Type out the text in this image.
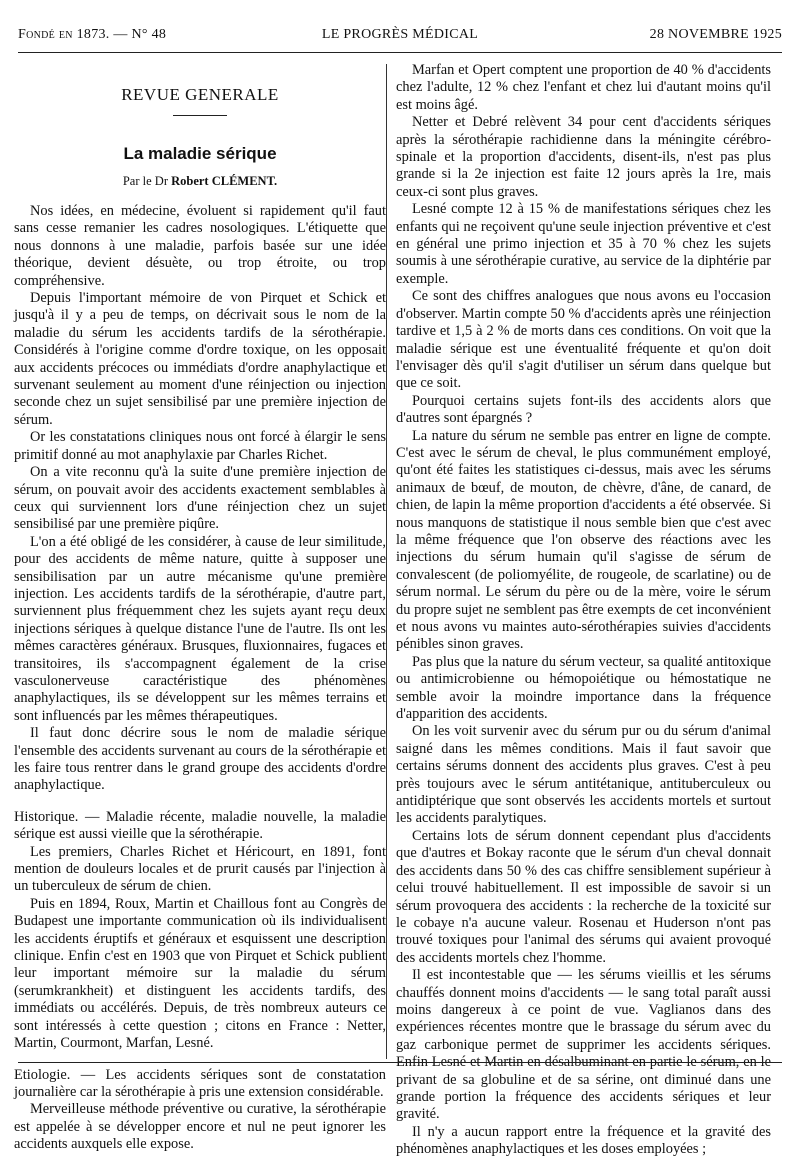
Fondé en 1873. — N° 48	LE PROGRÈS MÉDICAL	28 NOVEMBRE 1925
REVUE GENERALE
La maladie sérique
Par le Dr Robert CLÉMENT.

Nos idées, en médecine, évoluent si rapidement qu'il faut sans cesse remanier les cadres nosologiques. L'étiquette que nous donnons à une maladie, parfois basée sur une idée théorique, devient désuète, ou trop étroite, ou trop compréhensive.

Depuis l'important mémoire de von Pirquet et Schick et jusqu'à il y a peu de temps, on décrivait sous le nom de la maladie du sérum les accidents tardifs de la sérothérapie. Considérés à l'origine comme d'ordre toxique, on les opposait aux accidents précoces ou immédiats d'ordre anaphylactique et survenant seulement au moment d'une réinjection ou injection seconde chez un sujet sensibilisé par une première injection de sérum.

Or les constatations cliniques nous ont forcé à élargir le sens primitif donné au mot anaphylaxie par Charles Richet.

On a vite reconnu qu'à la suite d'une première injection de sérum, on pouvait avoir des accidents exactement semblables à ceux qui surviennent lors d'une réinjection chez un sujet sensibilisé par une première piqûre.

L'on a été obligé de les considérer, à cause de leur similitude, pour des accidents de même nature, quitte à supposer une sensibilisation par un autre mécanisme qu'une première injection. Les accidents tardifs de la sérothérapie, d'autre part, surviennent plus fréquemment chez les sujets ayant reçu deux injections sériques à quelque distance l'une de l'autre. Ils ont les mêmes caractères généraux. Brusques, fluxionnaires, fugaces et transitoires, ils s'accompagnent également de la crise vasculonerveuse caractéristique des phénomènes anaphylactiques, ils se développent sur les mêmes terrains et sont influencés par les mêmes thérapeutiques.

Il faut donc décrire sous le nom de maladie sérique l'ensemble des accidents survenant au cours de la sérothérapie et les faire tous rentrer dans le grand groupe des accidents d'ordre anaphylactique.

Historique. — Maladie récente, maladie nouvelle, la maladie sérique est aussi vieille que la sérothérapie.

Les premiers, Charles Richet et Héricourt, en 1891, font mention de douleurs locales et de prurit causés par l'injection à un tuberculeux de sérum de chien.

Puis en 1894, Roux, Martin et Chaillous font au Congrès de Budapest une importante communication où ils individualisent les accidents éruptifs et généraux et esquissent une description clinique. Enfin c'est en 1903 que von Pirquet et Schick publient leur important mémoire sur la maladie du sérum (serumkrankheit) et distinguent les accidents tardifs, des immédiats ou accélérés. Depuis, de très nombreux auteurs ce sont intéressés à cette question ; citons en France : Netter, Martin, Courmont, Marfan, Lesné.

Etiologie. — Les accidents sériques sont de constatation journalière car la sérothérapie à pris une extension considérable.

Merveilleuse méthode préventive ou curative, la sérothérapie est appelée à se développer encore et nul ne peut ignorer les accidents auxquels elle expose.

Marfan et Opert comptent une proportion de 40 % d'accidents chez l'adulte, 12 % chez l'enfant et chez lui d'autant moins qu'il est moins âgé.

Netter et Debré relèvent 34 pour cent d'accidents sériques après la sérothérapie rachidienne dans la méningite cérébro-spinale et la proportion d'accidents, disent-ils, n'est pas plus grande si la 2e injection est faite 12 jours après la 1re, mais ceux-ci sont plus graves.

Lesné compte 12 à 15 % de manifestations sériques chez les enfants qui ne reçoivent qu'une seule injection préventive et c'est en général une primo injection et 35 à 70 % chez les sujets soumis à une sérothérapie curative, au service de la diphtérie par exemple.

Ce sont des chiffres analogues que nous avons eu l'occasion d'observer. Martin compte 50 % d'accidents après une réinjection tardive et 1,5 à 2 % de morts dans ces conditions. On voit que la maladie sérique est une éventualité fréquente et qu'on doit l'envisager dès qu'il s'agit d'utiliser un sérum dans quelque but que ce soit.

Pourquoi certains sujets font-ils des accidents alors que d'autres sont épargnés ?

La nature du sérum ne semble pas entrer en ligne de compte. C'est avec le sérum de cheval, le plus communément employé, qu'ont été faites les statistiques ci-dessus, mais avec les sérums animaux de bœuf, de mouton, de chèvre, d'âne, de canard, de chien, de lapin la même proportion d'accidents a été observée. Si nous manquons de statistique il nous semble bien que c'est avec la même fréquence que l'on observe des réactions avec les injections du sérum humain qu'il s'agisse de sérum de convalescent (de poliomyélite, de rougeole, de scarlatine) ou de sérum normal. Le sérum du père ou de la mère, voire le sérum du propre sujet ne semblent pas être exempts de cet inconvénient et nous avons vu maintes auto-sérothérapies suivies d'accidents pénibles sinon graves.

Pas plus que la nature du sérum vecteur, sa qualité antitoxique ou antimicrobienne ou hémopoiétique ou hémostatique ne semble avoir la moindre importance dans la fréquence d'apparition des accidents.

On les voit survenir avec du sérum pur ou du sérum d'animal saigné dans les mêmes conditions. Mais il faut savoir que certains sérums donnent des accidents plus graves. C'est à peu près toujours avec le sérum antitétanique, antituberculeux ou antidiptérique que sont observés les accidents mortels et surtout les accidents paralytiques.

Certains lots de sérum donnent cependant plus d'accidents que d'autres et Bokay raconte que le sérum d'un cheval donnait des accidents dans 50 % des cas chiffre sensiblement supérieur à celui trouvé habituellement. Il est impossible de savoir si un sérum provoquera des accidents : la recherche de la toxicité sur le cobaye n'a aucune valeur. Rosenau et Huderson n'ont pas trouvé toxiques pour l'animal des sérums qui avaient provoqué des accidents mortels chez l'homme.

Il est incontestable que — les sérums vieillis et les sérums chauffés donnent moins d'accidents — le sang total paraît aussi moins dangereux à ce point de vue. Vaglianos dans des expériences récentes montre que le brassage du sérum avec du gaz carbonique permet de supprimer les accidents sériques. Enfin Lesné et Martin en désalbuminant en partie le sérum, en le privant de sa globuline et de sa sérine, ont diminué dans une grande portion la fréquence des accidents sériques et leur gravité.

Il n'y a aucun rapport entre la fréquence et la gravité des phénomènes anaphylactiques et les doses employées ;
